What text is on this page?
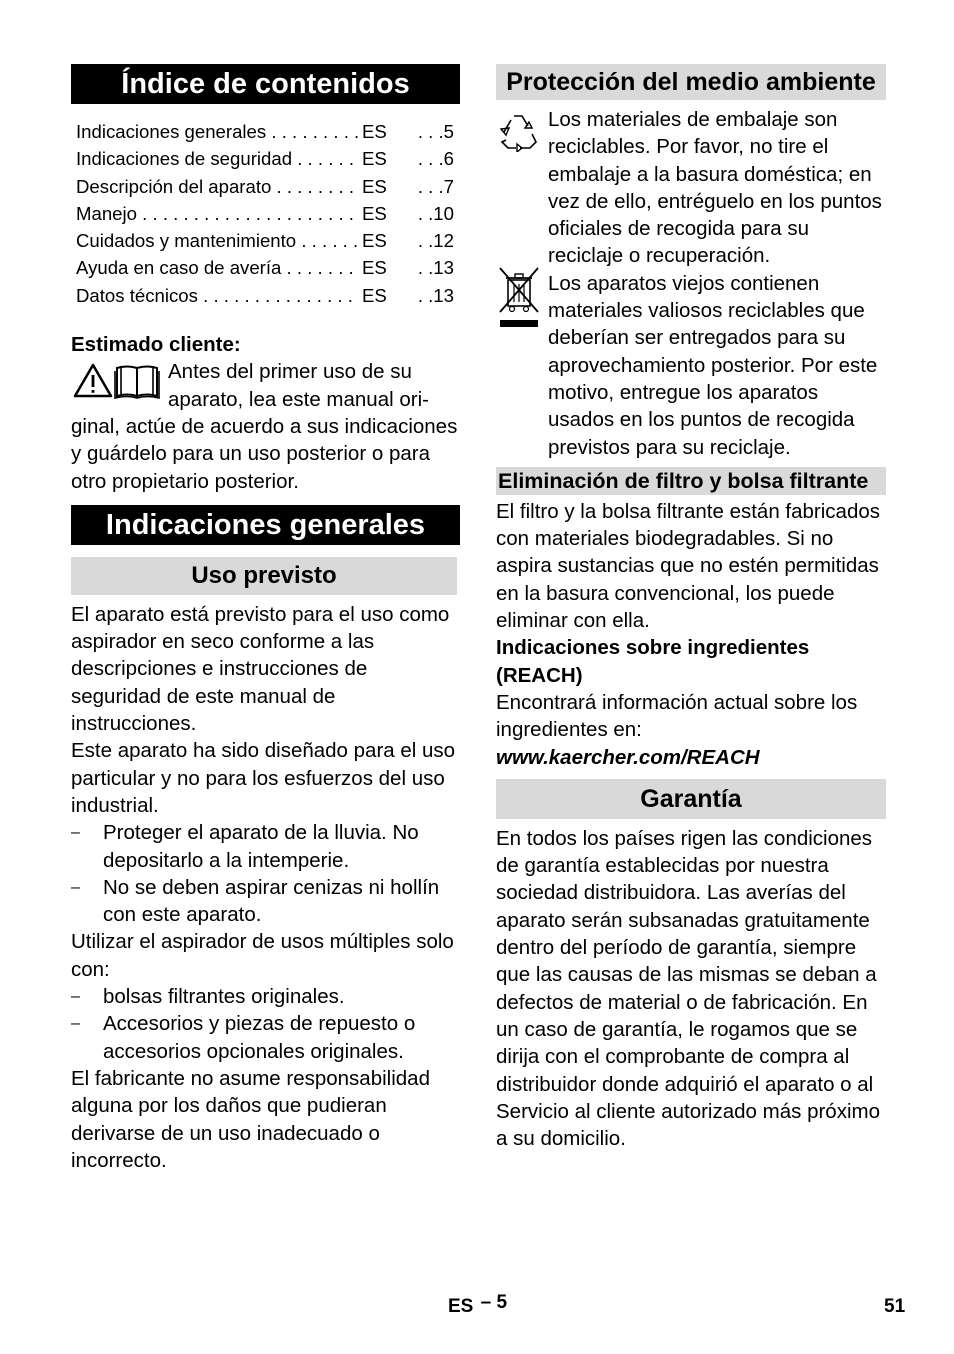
Índice de contenidos
Indicaciones generales . . .	ES	. . .5
Indicaciones de seguridad . . .	ES	. . .6
Descripción del aparato . . .	ES	. . .7
Manejo . . .	ES	. .10
Cuidados y mantenimiento . . .	ES	. .12
Ayuda en caso de avería . . .	ES	. .13
Datos técnicos . . .	ES	. .13

Estimado cliente:

Antes del primer uso de su

aparato, lea este manual ori-

ginal, actúe de acuerdo a sus indicaciones y guárdelo para un uso posterior o para otro propietario posterior.

Indicaciones generales
Uso previsto

El aparato está previsto para el uso como aspirador en seco conforme a las descripciones e instrucciones de seguridad de este manual de instrucciones.

Este aparato ha sido diseñado para el uso particular y no para los esfuerzos del uso industrial.

– Proteger el aparato de la lluvia. No depositarlo a la intemperie.

– No se deben aspirar cenizas ni hollín con este aparato.

Utilizar el aspirador de usos múltiples solo con:

– bolsas filtrantes originales.

– Accesorios y piezas de repuesto o accesorios opcionales originales.

El fabricante no asume responsabilidad alguna por los daños que pudieran derivarse de un uso inadecuado o incorrecto.

Protección del medio ambiente

Los materiales de embalaje son reciclables. Por favor, no tire el embalaje a la basura doméstica; en vez de ello, entréguelo en los puntos oficiales de recogida para su reciclaje o recuperación.

Los aparatos viejos contienen materiales valiosos reciclables que deberían ser entregados para su aprovechamiento posterior. Por este motivo, entregue los aparatos usados en los puntos de recogida previstos para su reciclaje.

Eliminación de filtro y bolsa filtrante

El filtro y la bolsa filtrante están fabricados con materiales biodegradables. Si no aspira sustancias que no estén permitidas en la basura convencional, los puede eliminar con ella.

Indicaciones sobre ingredientes (REACH)

Encontrará información actual sobre los ingredientes en:

www.kaercher.com/REACH

Garantía

En todos los países rigen las condiciones de garantía establecidas por nuestra sociedad distribuidora. Las averías del aparato serán subsanadas gratuitamente dentro del período de garantía, siempre que las causas de las mismas se deban a defectos de material o de fabricación. En un caso de garantía, le rogamos que se dirija con el comprobante de compra al distribuidor donde adquirió el aparato o al Servicio al cliente autorizado más próximo a su domicilio.

ES – 5	51
